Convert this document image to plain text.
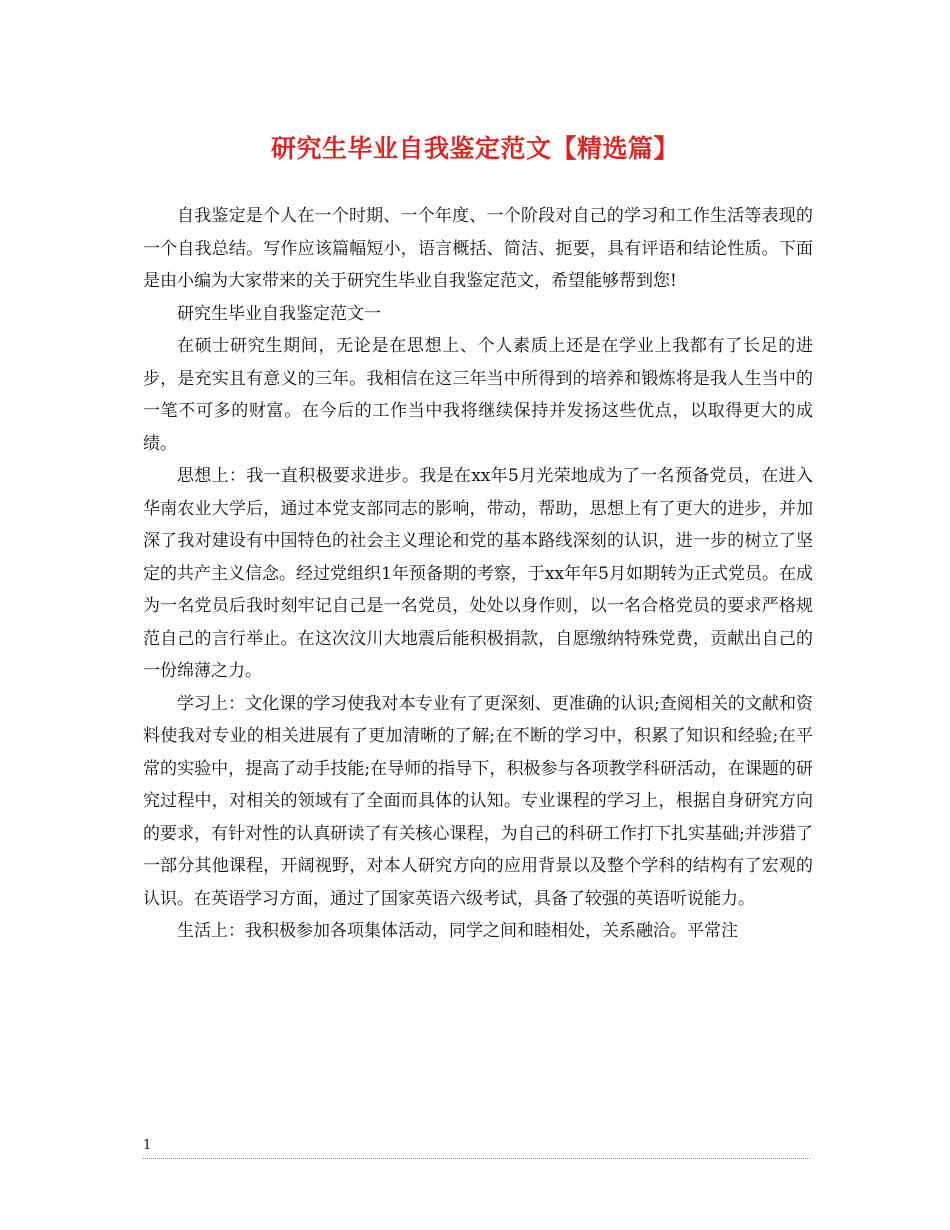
研究生毕业自我鉴定范文【精选篇】

自我鉴定是个人在一个时期、一个年度、一个阶段对自己的学习和工作生活等表现的一个自我总结。写作应该篇幅短小，语言概括、简洁、扼要，具有评语和结论性质。下面是由小编为大家带来的关于研究生毕业自我鉴定范文，希望能够帮到您!

研究生毕业自我鉴定范文一

在硕士研究生期间，无论是在思想上、个人素质上还是在学业上我都有了长足的进步，是充实且有意义的三年。我相信在这三年当中所得到的培养和锻炼将是我人生当中的一笔不可多的财富。在今后的工作当中我将继续保持并发扬这些优点，以取得更大的成绩。

思想上：我一直积极要求进步。我是在xx年5月光荣地成为了一名预备党员，在进入华南农业大学后，通过本党支部同志的影响，带动，帮助，思想上有了更大的进步，并加深了我对建设有中国特色的社会主义理论和党的基本路线深刻的认识，进一步的树立了坚定的共产主义信念。经过党组织1年预备期的考察，于xx年年5月如期转为正式党员。在成为一名党员后我时刻牢记自己是一名党员，处处以身作则，以一名合格党员的要求严格规范自己的言行举止。在这次汶川大地震后能积极捐款，自愿缴纳特殊党费，贡献出自己的一份绵薄之力。

学习上：文化课的学习使我对本专业有了更深刻、更准确的认识;查阅相关的文献和资料使我对专业的相关进展有了更加清晰的了解;在不断的学习中，积累了知识和经验;在平常的实验中，提高了动手技能;在导师的指导下，积极参与各项教学科研活动，在课题的研究过程中，对相关的领域有了全面而具体的认知。专业课程的学习上，根据自身研究方向的要求，有针对性的认真研读了有关核心课程，为自己的科研工作打下扎实基础;并涉猎了一部分其他课程，开阔视野，对本人研究方向的应用背景以及整个学科的结构有了宏观的认识。在英语学习方面，通过了国家英语六级考试，具备了较强的英语听说能力。

生活上：我积极参加各项集体活动，同学之间和睦相处，关系融洽。平常注

1
